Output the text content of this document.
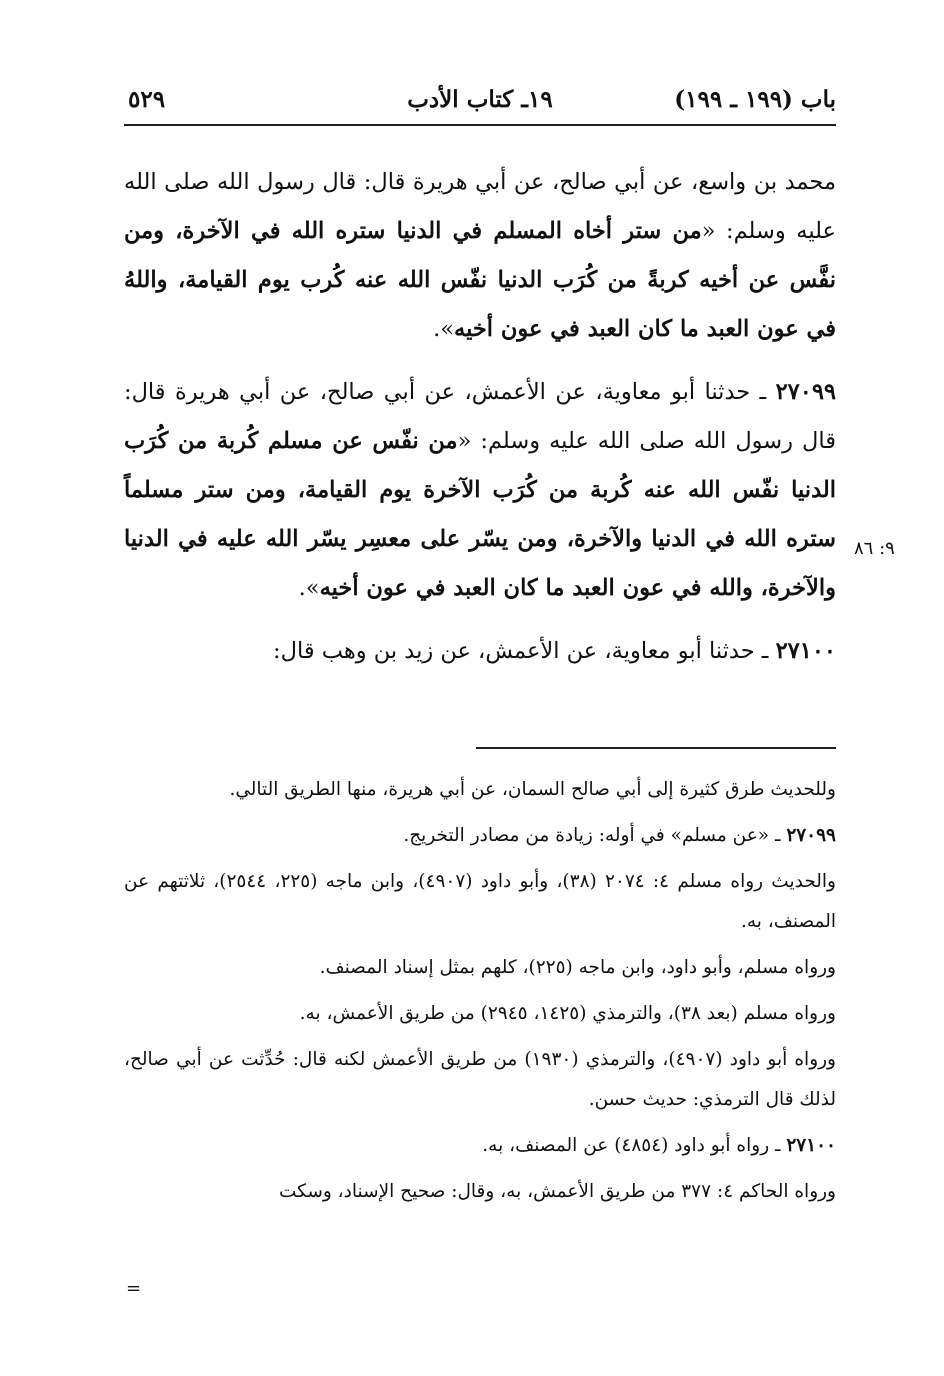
باب (١٩٩ ـ ١٩٩)
١٩ـ كتاب الأدب
٥٢٩

محمد بن واسع، عن أبي صالح، عن أبي هريرة قال: قال رسول الله صلى الله عليه وسلم: «من ستر أخاه المسلم في الدنيا ستره الله في الآخرة، ومن نفَّس عن أخيه كربةً من كُرَب الدنيا نفّس الله عنه كُرب يوم القيامة، واللهُ في عون العبد ما كان العبد في عون أخيه».

٢٧٠٩٩ ـ حدثنا أبو معاوية، عن الأعمش، عن أبي صالح، عن أبي هريرة قال: قال رسول الله صلى الله عليه وسلم: «من نفّس عن مسلم كُربة من كُرَب الدنيا نفّس الله عنه كُربة من كُرَب الآخرة يوم القيامة، ومن ستر مسلماً ستره الله في الدنيا والآخرة، ومن يسّر على معسِر يسّر الله عليه في الدنيا والآخرة، والله في عون العبد ما كان العبد في عون أخيه».

٢٧١٠٠ ـ حدثنا أبو معاوية، عن الأعمش، عن زيد بن وهب قال:

٩: ٨٦

وللحديث طرق كثيرة إلى أبي صالح السمان، عن أبي هريرة، منها الطريق التالي.

٢٧٠٩٩ ـ «عن مسلم» في أوله: زيادة من مصادر التخريج.

والحديث رواه مسلم ٤: ٢٠٧٤ (٣٨)، وأبو داود (٤٩٠٧)، وابن ماجه (٢٢٥، ٢٥٤٤)، ثلاثتهم عن المصنف، به.

ورواه مسلم، وأبو داود، وابن ماجه (٢٢٥)، كلهم بمثل إسناد المصنف.

ورواه مسلم (بعد ٣٨)، والترمذي (١٤٢٥، ٢٩٤٥) من طريق الأعمش، به.

ورواه أبو داود (٤٩٠٧)، والترمذي (١٩٣٠) من طريق الأعمش لكنه قال: حُدِّثت عن أبي صالح، لذلك قال الترمذي: حديث حسن.

٢٧١٠٠ ـ رواه أبو داود (٤٨٥٤) عن المصنف، به.

ورواه الحاكم ٤: ٣٧٧ من طريق الأعمش، به، وقال: صحيح الإسناد، وسكت

=
